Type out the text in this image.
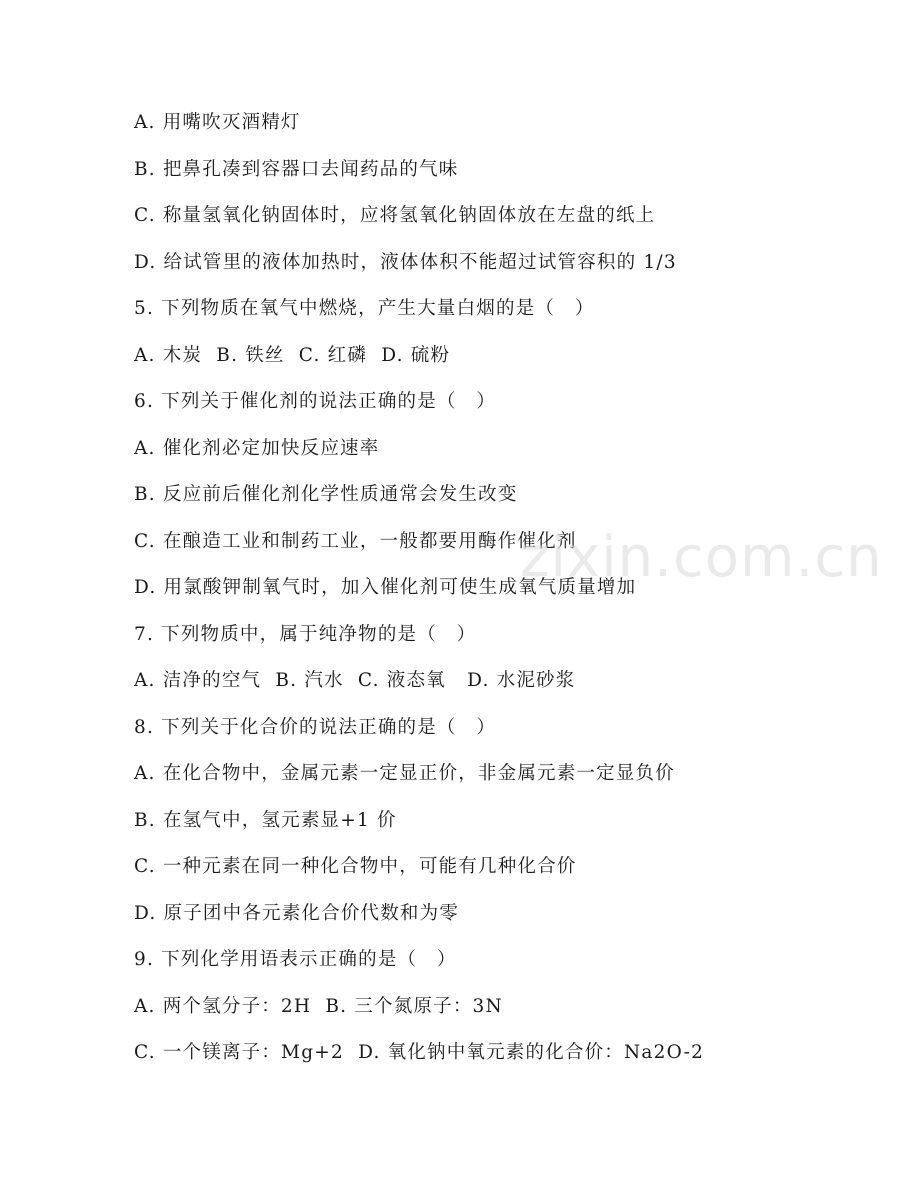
A. 用嘴吹灭酒精灯
B. 把鼻孔凑到容器口去闻药品的气味
C. 称量氢氧化钠固体时，应将氢氧化钠固体放在左盘的纸上
D. 给试管里的液体加热时，液体体积不能超过试管容积的 1/3
5. 下列物质在氧气中燃烧，产生大量白烟的是（　）
A. 木炭  B. 铁丝  C. 红磷  D. 硫粉
6. 下列关于催化剂的说法正确的是（　）
A. 催化剂必定加快反应速率
B. 反应前后催化剂化学性质通常会发生改变
C. 在酿造工业和制药工业，一般都要用酶作催化剂
D. 用氯酸钾制氧气时，加入催化剂可使生成氧气质量增加
7. 下列物质中，属于纯净物的是（　）
A. 洁净的空气  B. 汽水  C. 液态氧   D. 水泥砂浆
8. 下列关于化合价的说法正确的是（　）
A. 在化合物中，金属元素一定显正价，非金属元素一定显负价
B. 在氢气中，氢元素显+1 价
C. 一种元素在同一种化合物中，可能有几种化合价
D. 原子团中各元素化合价代数和为零
9. 下列化学用语表示正确的是（　）
A. 两个氢分子：2H  B. 三个氮原子：3N
C. 一个镁离子：Mg+2  D. 氧化钠中氧元素的化合价：Na2O-2
zixin.com.cn
